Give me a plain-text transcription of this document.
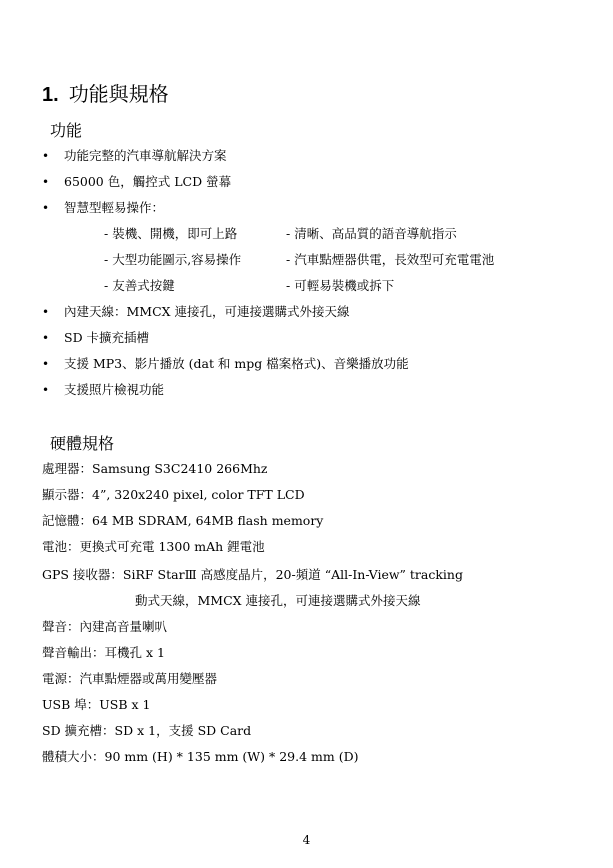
1. 功能與規格
功能
• 功能完整的汽車導航解決方案
• 65000 色，觸控式 LCD 螢幕
• 智慧型輕易操作：
- 裝機、開機，即可上路	- 清晰、高品質的語音導航指示
- 大型功能圖示,容易操作	- 汽車點煙器供電，長效型可充電電池
- 友善式按鍵	- 可輕易裝機或拆下
• 內建天線：MMCX 連接孔，可連接選購式外接天線
• SD 卡擴充插槽
• 支援 MP3、影片播放 (dat 和 mpg 檔案格式)、音樂播放功能
• 支援照片檢視功能
硬體規格
處理器：Samsung S3C2410 266Mhz
顯示器：4”, 320x240 pixel, color TFT LCD
記憶體：64 MB SDRAM, 64MB flash memory
電池：更換式可充電 1300 mAh 鋰電池
GPS 接收器：SiRF StarⅢ 高感度晶片，20-頻道 “All-In-View” tracking
動式天線，MMCX 連接孔，可連接選購式外接天線
聲音：內建高音量喇叭
聲音輸出：耳機孔 x 1
電源：汽車點煙器或萬用變壓器
USB 埠：USB x 1
SD 擴充槽：SD x 1，支援 SD Card
體積大小：90 mm (H) * 135 mm (W) * 29.4 mm (D)
4
